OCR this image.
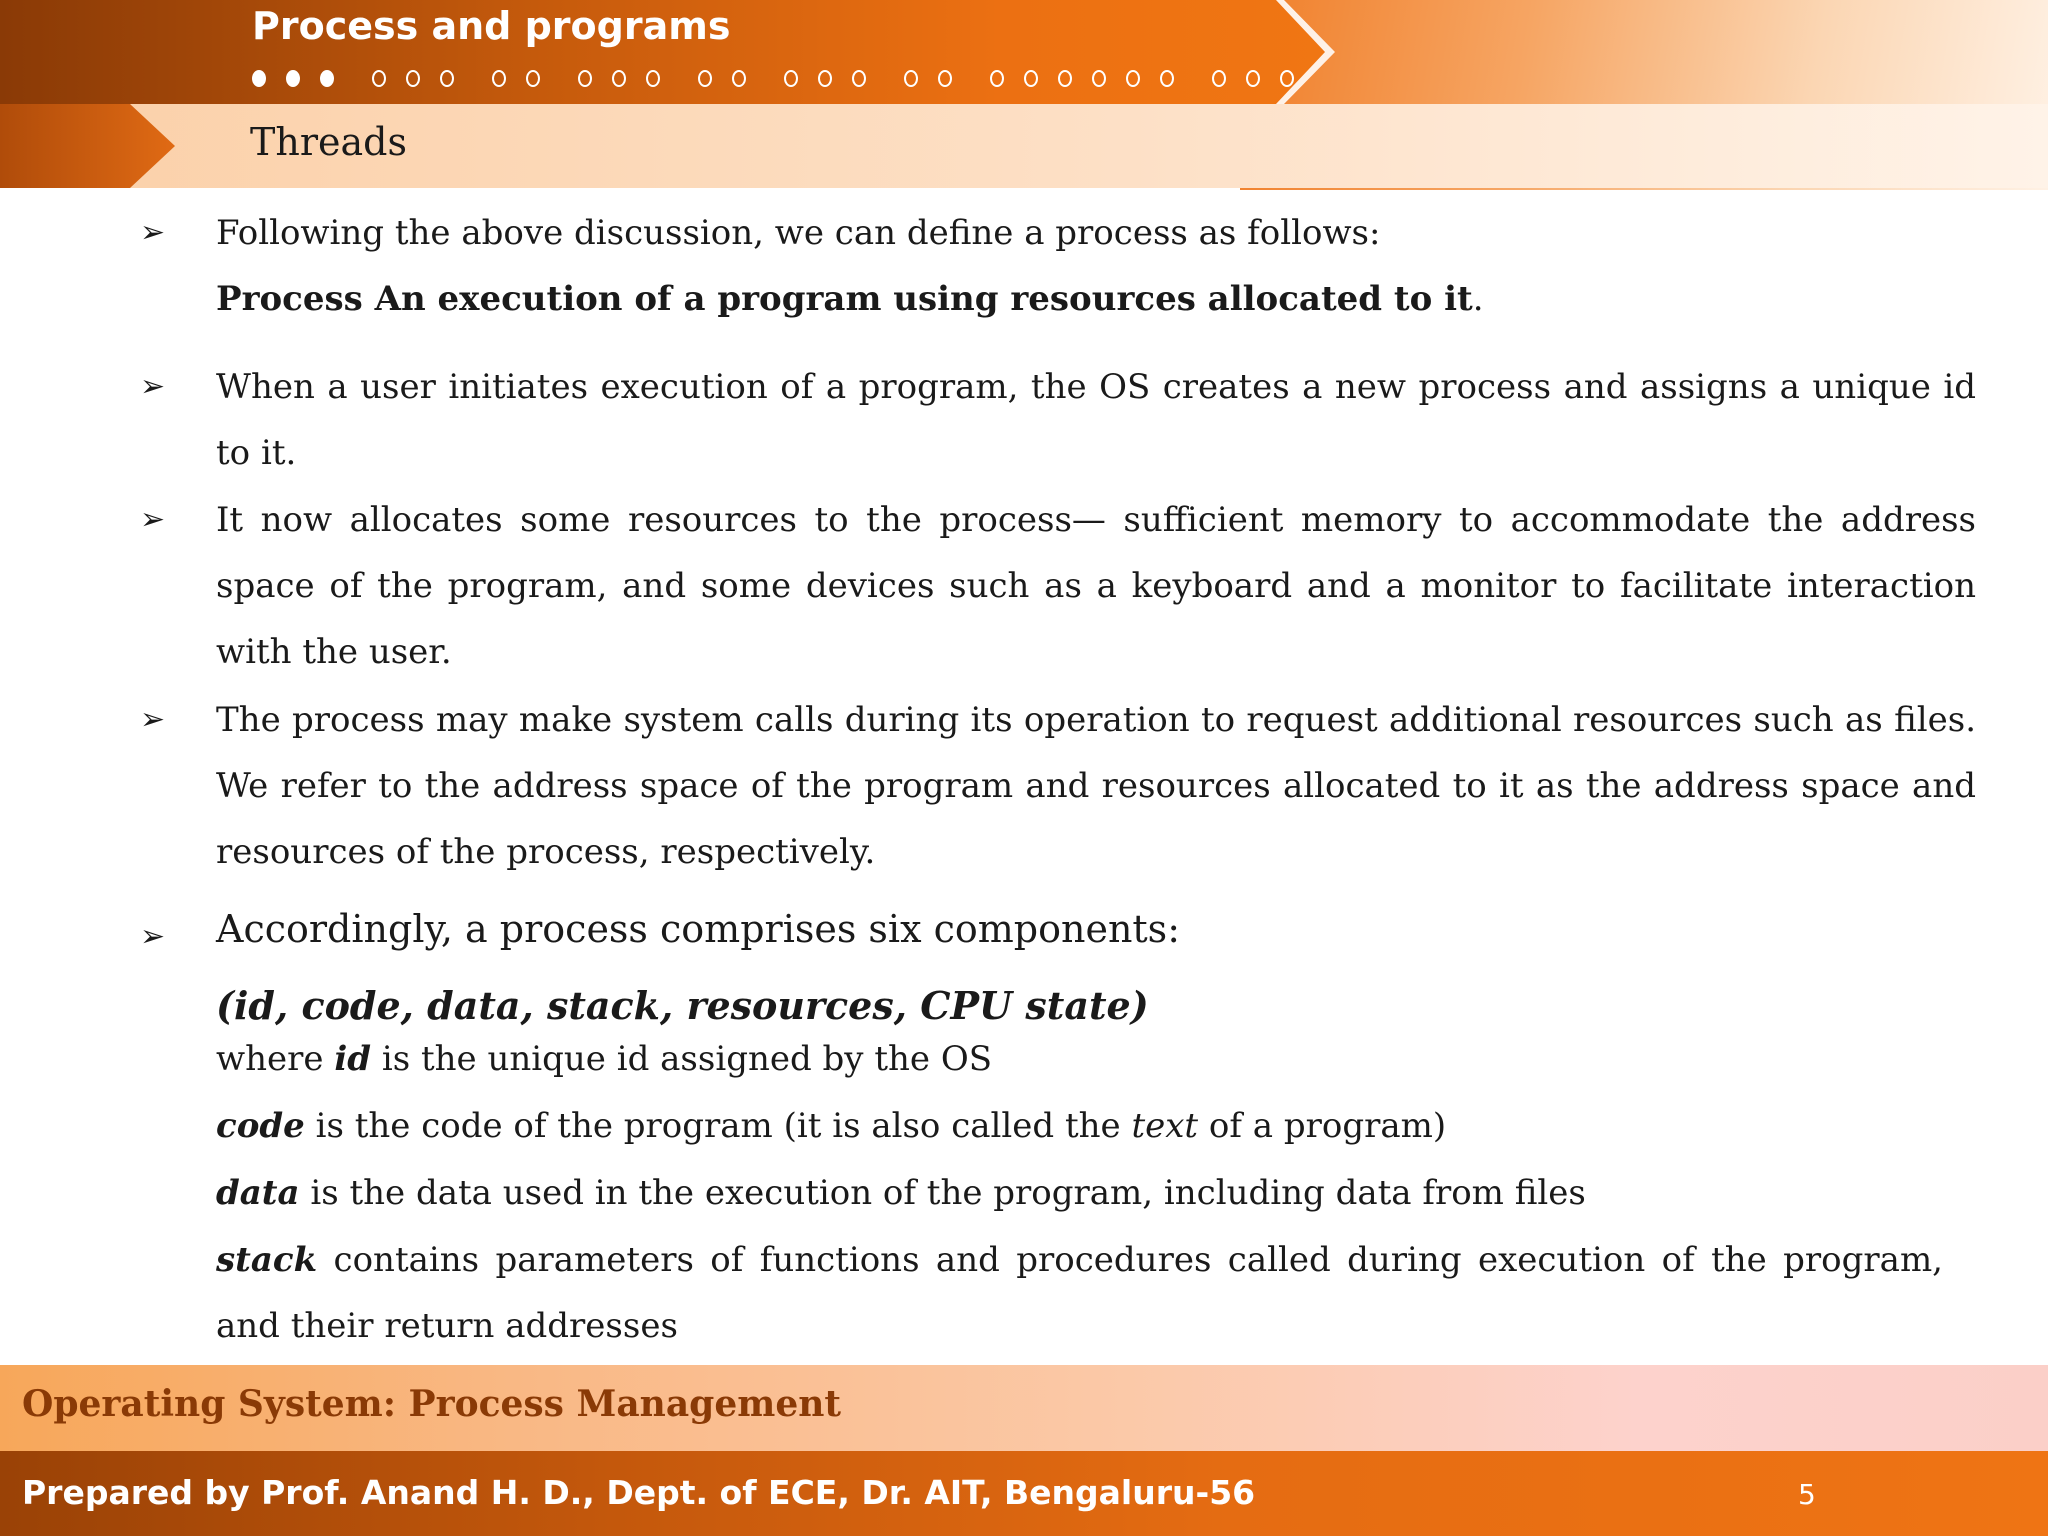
Process and programs
Threads
➢	Following the above discussion, we can define a process as follows:
Process An execution of a program using resources allocated to it.
➢	When a user initiates execution of a program, the OS creates a new process and assigns a unique id to it.
➢	It now allocates some resources to the process— sufficient memory to accommodate the address space of the program, and some devices such as a keyboard and a monitor to facilitate interaction with the user.
➢	The process may make system calls during its operation to request additional resources such as files. We refer to the address space of the program and resources allocated to it as the address space and resources of the process, respectively.
➢	Accordingly, a process comprises six components:
(id, code, data, stack, resources, CPU state)
where id is the unique id assigned by the OS
code is the code of the program (it is also called the text of a program)
data is the data used in the execution of the program, including data from files
stack contains parameters of functions and procedures called during execution of the program, and their return addresses
Operating System: Process Management
Prepared by Prof. Anand H. D., Dept. of ECE, Dr. AIT, Bengaluru-56	5
